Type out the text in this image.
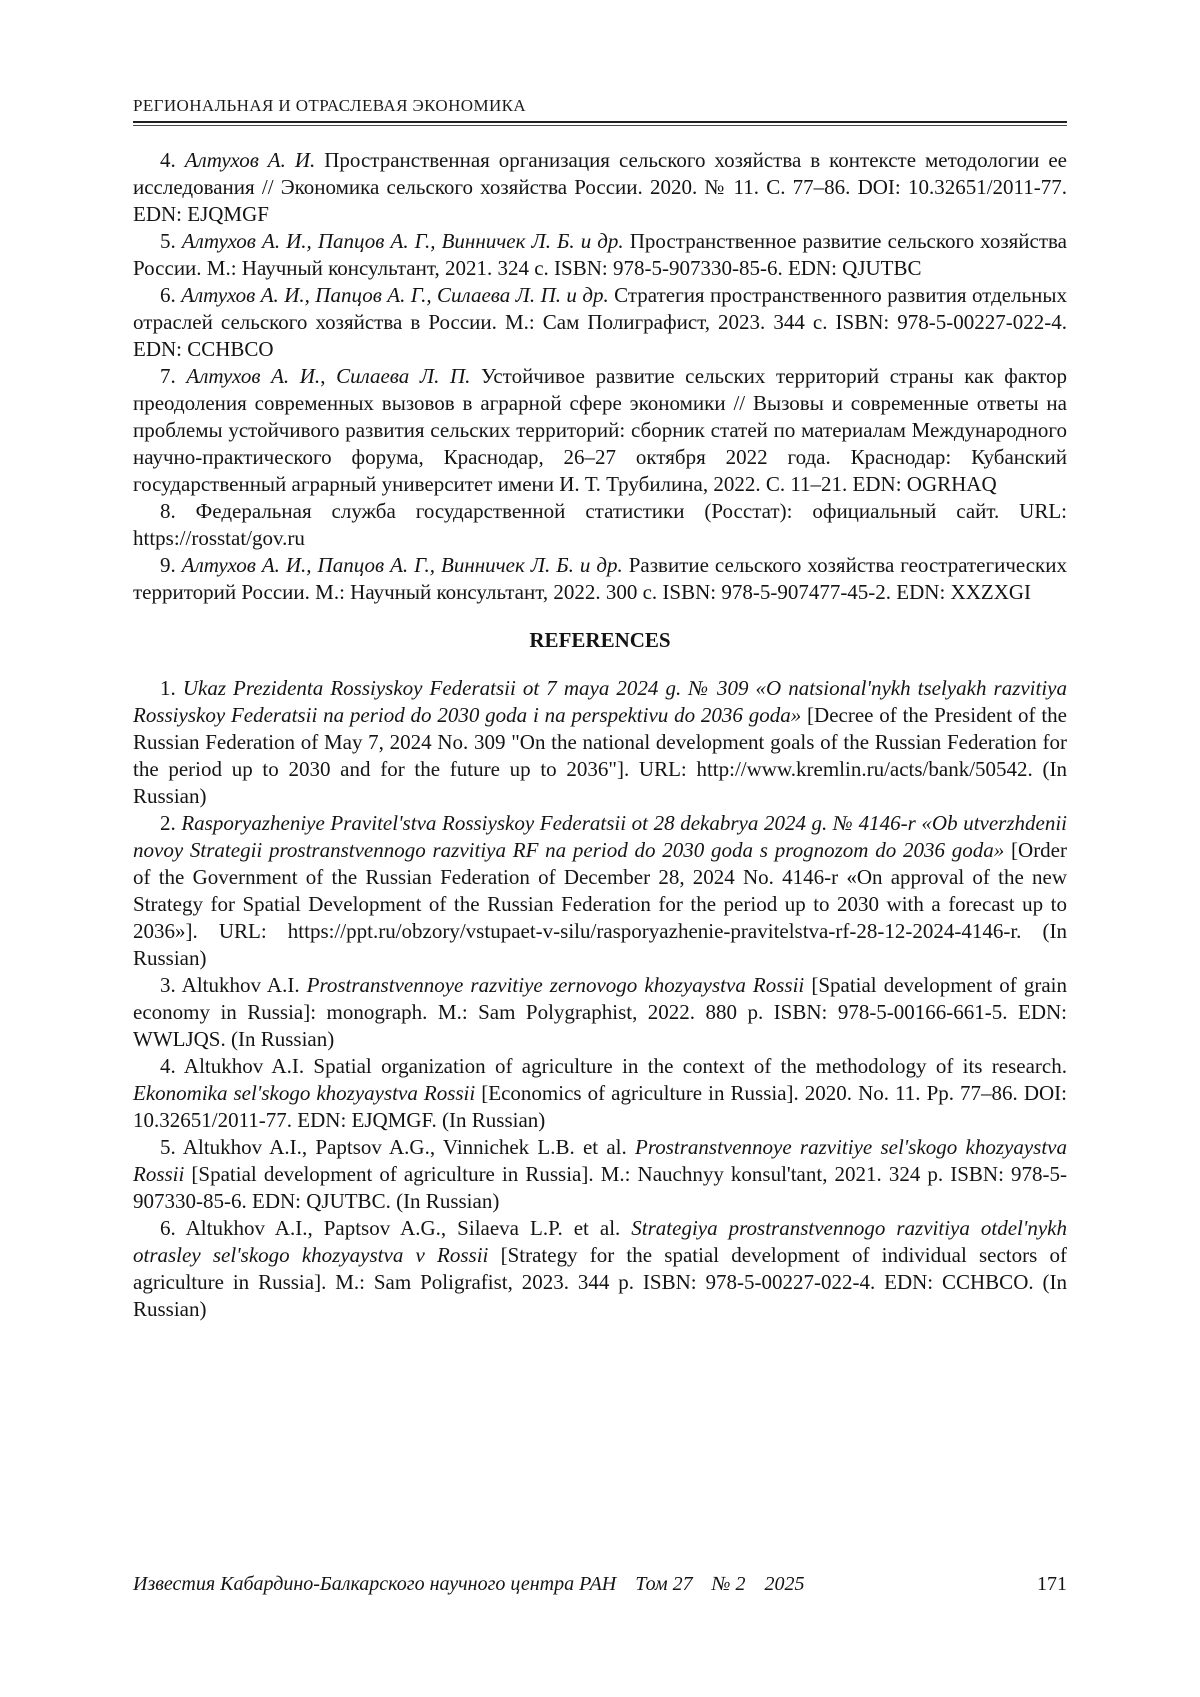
РЕГИОНАЛЬНАЯ И ОТРАСЛЕВАЯ ЭКОНОМИКА

4. Алтухов А. И. Пространственная организация сельского хозяйства в контексте методологии ее исследования // Экономика сельского хозяйства России. 2020. № 11. С. 77–86. DOI: 10.32651/2011-77. EDN: EJQMGF

5. Алтухов А. И., Папцов А. Г., Винничек Л. Б. и др. Пространственное развитие сельского хозяйства России. М.: Научный консультант, 2021. 324 с. ISBN: 978-5-907330-85-6. EDN: QJUTBC

6. Алтухов А. И., Папцов А. Г., Силаева Л. П. и др. Стратегия пространственного развития отдельных отраслей сельского хозяйства в России. М.: Сам Полиграфист, 2023. 344 с. ISBN: 978-5-00227-022-4. EDN: CCHBCO

7. Алтухов А. И., Силаева Л. П. Устойчивое развитие сельских территорий страны как фактор преодоления современных вызовов в аграрной сфере экономики // Вызовы и современные ответы на проблемы устойчивого развития сельских территорий: сборник статей по материалам Международного научно-практического форума, Краснодар, 26–27 октября 2022 года. Краснодар: Кубанский государственный аграрный университет имени И. Т. Трубилина, 2022. С. 11–21. EDN: OGRHAQ

8. Федеральная служба государственной статистики (Росстат): официальный сайт. URL: https://rosstat/gov.ru

9. Алтухов А. И., Папцов А. Г., Винничек Л. Б. и др. Развитие сельского хозяйства геостратегических территорий России. М.: Научный консультант, 2022. 300 с. ISBN: 978-5-907477-45-2. EDN: XXZXGI

REFERENCES

1. Ukaz Prezidenta Rossiyskoy Federatsii ot 7 maya 2024 g. № 309 «O natsional'nykh tselyakh razvitiya Rossiyskoy Federatsii na period do 2030 goda i na perspektivu do 2036 goda» [Decree of the President of the Russian Federation of May 7, 2024 No. 309 "On the national development goals of the Russian Federation for the period up to 2030 and for the future up to 2036"]. URL: http://www.kremlin.ru/acts/bank/50542. (In Russian)

2. Rasporyazheniye Pravitel'stva Rossiyskoy Federatsii ot 28 dekabrya 2024 g. № 4146-r «Ob utverzhdenii novoy Strategii prostranstvennogo razvitiya RF na period do 2030 goda s prognozom do 2036 goda» [Order of the Government of the Russian Federation of December 28, 2024 No. 4146-r «On approval of the new Strategy for Spatial Development of the Russian Federation for the period up to 2030 with a forecast up to 2036»]. URL: https://ppt.ru/obzory/vstupaet-v-silu/rasporyazhenie-pravitelstva-rf-28-12-2024-4146-r. (In Russian)

3. Altukhov A.I. Prostranstvennoye razvitiye zernovogo khozyaystva Rossii [Spatial development of grain economy in Russia]: monograph. M.: Sam Polygraphist, 2022. 880 p. ISBN: 978-5-00166-661-5. EDN: WWLJQS. (In Russian)

4. Altukhov A.I. Spatial organization of agriculture in the context of the methodology of its research. Ekonomika sel'skogo khozyaystva Rossii [Economics of agriculture in Russia]. 2020. No. 11. Pp. 77–86. DOI: 10.32651/2011-77. EDN: EJQMGF. (In Russian)

5. Altukhov A.I., Paptsov A.G., Vinnichek L.B. et al. Prostranstvennoye razvitiye sel'skogo khozyaystva Rossii [Spatial development of agriculture in Russia]. M.: Nauchnyy konsul'tant, 2021. 324 p. ISBN: 978-5-907330-85-6. EDN: QJUTBC. (In Russian)

6. Altukhov A.I., Paptsov A.G., Silaeva L.P. et al. Strategiya prostranstvennogo razvitiya otdel'nykh otrasley sel'skogo khozyaystva v Rossii [Strategy for the spatial development of individual sectors of agriculture in Russia]. M.: Sam Poligrafist, 2023. 344 p. ISBN: 978-5-00227-022-4. EDN: CCHBCO. (In Russian)

Известия Кабардино-Балкарского научного центра РАН Том 27 № 2 2025	171
